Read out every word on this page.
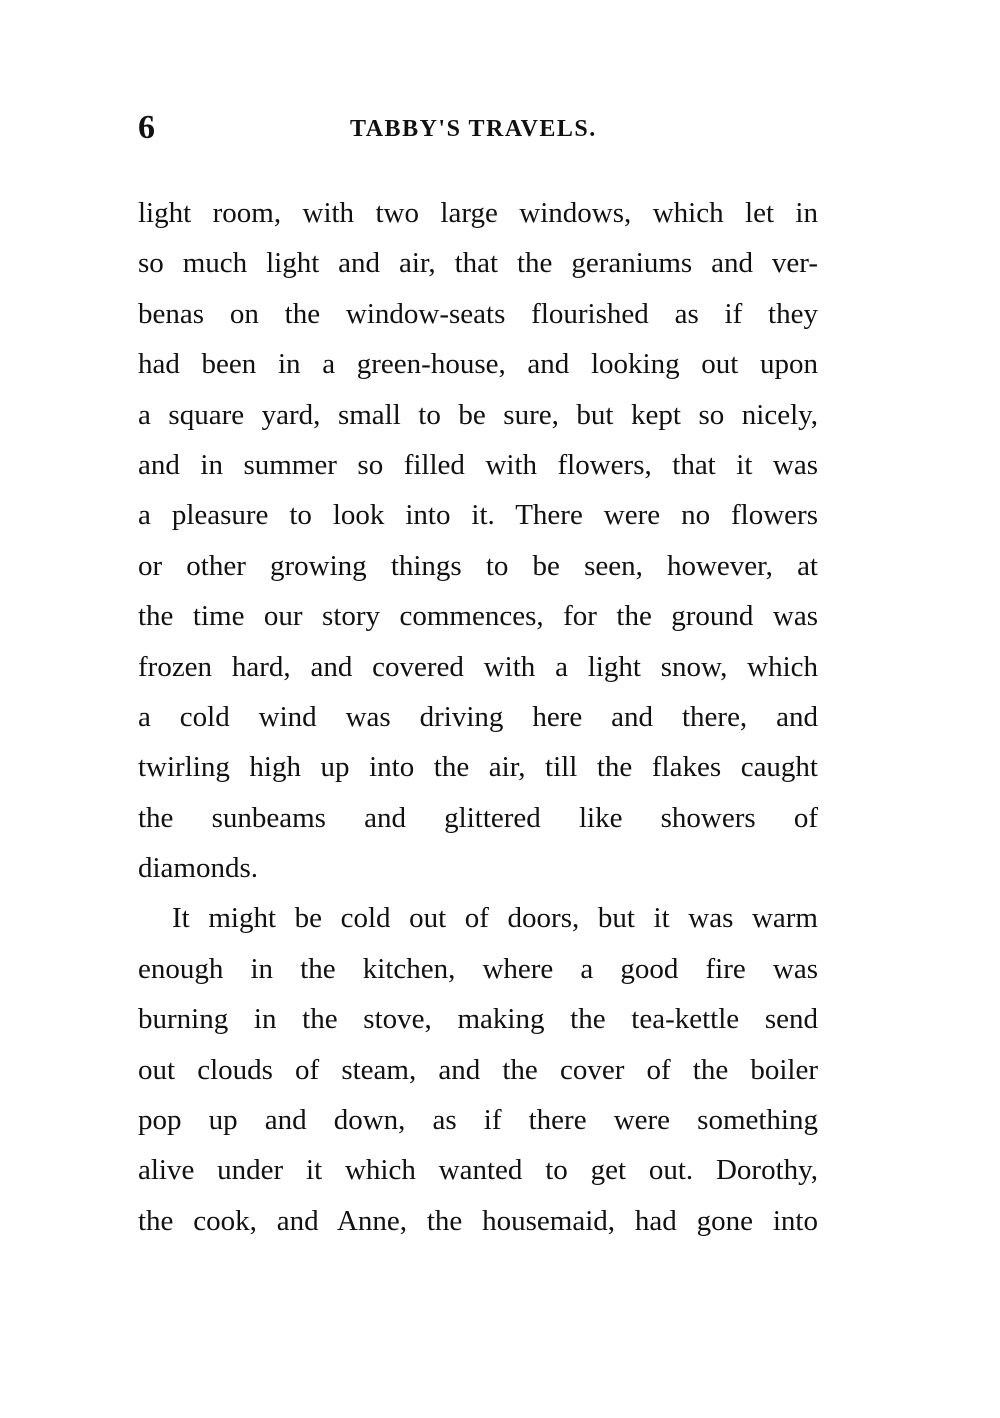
6	TABBY'S TRAVELS.
light room, with two large windows, which let in
so much light and air, that the geraniums and ver-
benas on the window-seats flourished as if they
had been in a green-house, and looking out upon
a square yard, small to be sure, but kept so nicely,
and in summer so filled with flowers, that it was
a pleasure to look into it. There were no flowers
or other growing things to be seen, however, at
the time our story commences, for the ground was
frozen hard, and covered with a light snow, which
a cold wind was driving here and there, and
twirling high up into the air, till the flakes caught
the sunbeams and glittered like showers of
diamonds.
It might be cold out of doors, but it was warm
enough in the kitchen, where a good fire was
burning in the stove, making the tea-kettle send
out clouds of steam, and the cover of the boiler
pop up and down, as if there were something
alive under it which wanted to get out. Dorothy,
the cook, and Anne, the housemaid, had gone into
